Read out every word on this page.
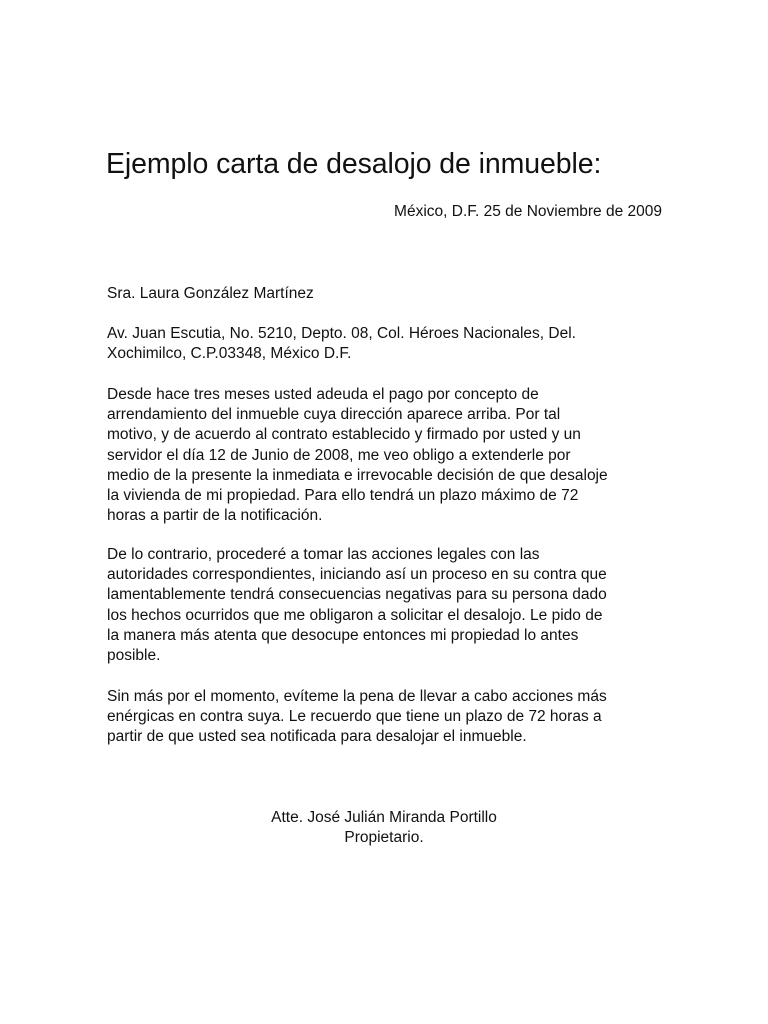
Ejemplo carta de desalojo de inmueble:
México, D.F. 25 de Noviembre de 2009

Sra. Laura González Martínez

Av. Juan Escutia, No. 5210, Depto. 08, Col. Héroes Nacionales, Del.
Xochimilco, C.P.03348, México D.F.

Desde hace tres meses usted adeuda el pago por concepto de
arrendamiento del inmueble cuya dirección aparece arriba. Por tal
motivo, y de acuerdo al contrato establecido y firmado por usted y un
servidor el día 12 de Junio de 2008, me veo obligo a extenderle por
medio de la presente la inmediata e irrevocable decisión de que desaloje
la vivienda de mi propiedad. Para ello tendrá un plazo máximo de 72
horas a partir de la notificación.

De lo contrario, procederé a tomar las acciones legales con las
autoridades correspondientes, iniciando así un proceso en su contra que
lamentablemente tendrá consecuencias negativas para su persona dado
los hechos ocurridos que me obligaron a solicitar el desalojo. Le pido de
la manera más atenta que desocupe entonces mi propiedad lo antes
posible.

Sin más por el momento, evíteme la pena de llevar a cabo acciones más
enérgicas en contra suya. Le recuerdo que tiene un plazo de 72 horas a
partir de que usted sea notificada para desalojar el inmueble.

Atte. José Julián Miranda Portillo
Propietario.
